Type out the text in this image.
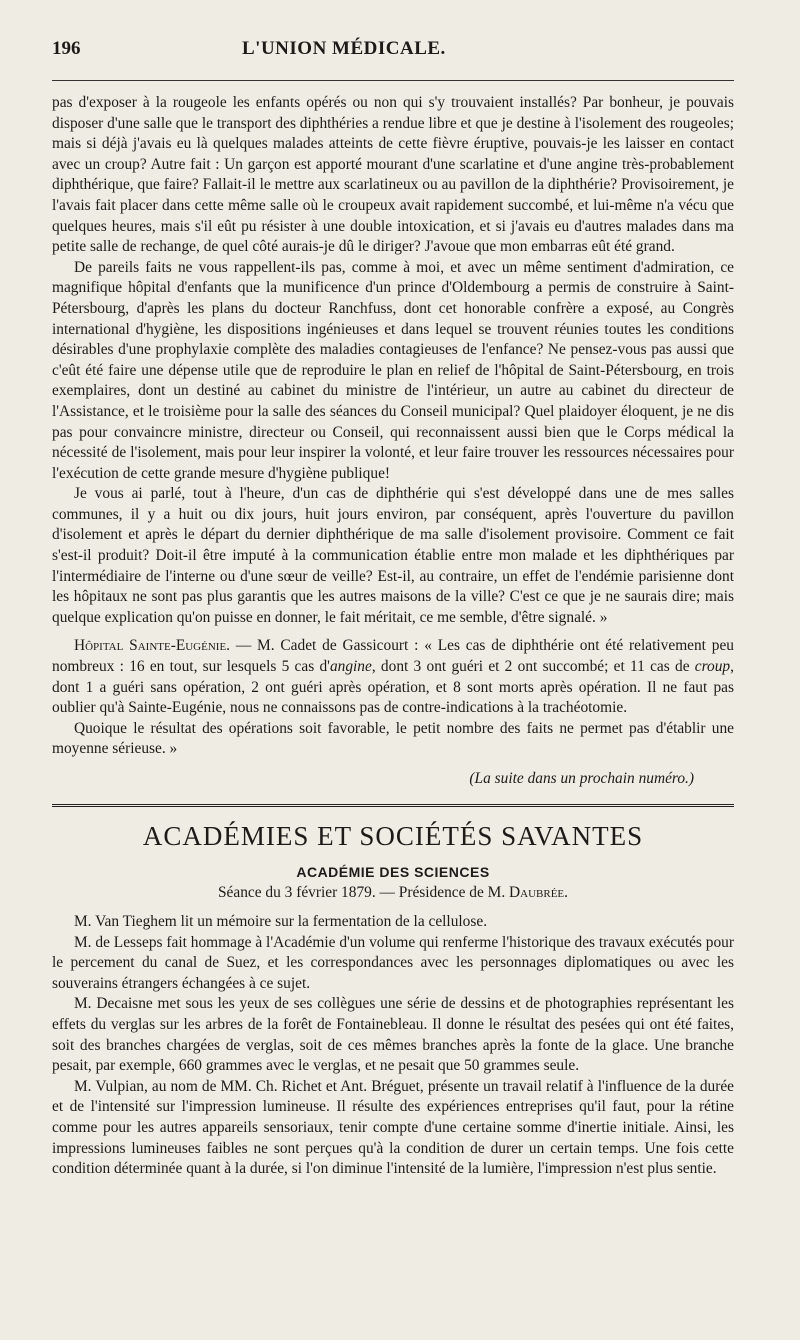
196	L'UNION MÉDICALE.

pas d'exposer à la rougeole les enfants opérés ou non qui s'y trouvaient installés? Par bonheur, je pouvais disposer d'une salle que le transport des diphthéries a rendue libre et que je destine à l'isolement des rougeoles; mais si déjà j'avais eu là quelques malades atteints de cette fièvre éruptive, pouvais-je les laisser en contact avec un croup? Autre fait : Un garçon est apporté mourant d'une scarlatine et d'une angine très-probablement diphthérique, que faire? Fallait-il le mettre aux scarlatineux ou au pavillon de la diphthérie? Provisoirement, je l'avais fait placer dans cette même salle où le croupeux avait rapidement succombé, et lui-même n'a vécu que quelques heures, mais s'il eût pu résister à une double intoxication, et si j'avais eu d'autres malades dans ma petite salle de rechange, de quel côté aurais-je dû le diriger? J'avoue que mon embarras eût été grand.

De pareils faits ne vous rappellent-ils pas, comme à moi, et avec un même sentiment d'admiration, ce magnifique hôpital d'enfants que la munificence d'un prince d'Oldembourg a permis de construire à Saint-Pétersbourg, d'après les plans du docteur Ranchfuss, dont cet honorable confrère a exposé, au Congrès international d'hygiène, les dispositions ingénieuses et dans lequel se trouvent réunies toutes les conditions désirables d'une prophylaxie complète des maladies contagieuses de l'enfance? Ne pensez-vous pas aussi que c'eût été faire une dépense utile que de reproduire le plan en relief de l'hôpital de Saint-Pétersbourg, en trois exemplaires, dont un destiné au cabinet du ministre de l'intérieur, un autre au cabinet du directeur de l'Assistance, et le troisième pour la salle des séances du Conseil municipal? Quel plaidoyer éloquent, je ne dis pas pour convaincre ministre, directeur ou Conseil, qui reconnaissent aussi bien que le Corps médical la nécessité de l'isolement, mais pour leur inspirer la volonté, et leur faire trouver les ressources nécessaires pour l'exécution de cette grande mesure d'hygiène publique!

Je vous ai parlé, tout à l'heure, d'un cas de diphthérie qui s'est développé dans une de mes salles communes, il y a huit ou dix jours, huit jours environ, par conséquent, après l'ouverture du pavillon d'isolement et après le départ du dernier diphthérique de ma salle d'isolement provisoire. Comment ce fait s'est-il produit? Doit-il être imputé à la communication établie entre mon malade et les diphthériques par l'intermédiaire de l'interne ou d'une sœur de veille? Est-il, au contraire, un effet de l'endémie parisienne dont les hôpitaux ne sont pas plus garantis que les autres maisons de la ville? C'est ce que je ne saurais dire; mais quelque explication qu'on puisse en donner, le fait méritait, ce me semble, d'être signalé. »

Hôpital Sainte-Eugénie. — M. Cadet de Gassicourt : « Les cas de diphthérie ont été relativement peu nombreux : 16 en tout, sur lesquels 5 cas d'angine, dont 3 ont guéri et 2 ont succombé; et 11 cas de croup, dont 1 a guéri sans opération, 2 ont guéri après opération, et 8 sont morts après opération. Il ne faut pas oublier qu'à Sainte-Eugénie, nous ne connaissons pas de contre-indications à la trachéotomie.

Quoique le résultat des opérations soit favorable, le petit nombre des faits ne permet pas d'établir une moyenne sérieuse. »

(La suite dans un prochain numéro.)
ACADÉMIES ET SOCIÉTÉS SAVANTES
ACADÉMIE DES SCIENCES
Séance du 3 février 1879. — Présidence de M. Daubrée.

M. Van Tieghem lit un mémoire sur la fermentation de la cellulose.

M. de Lesseps fait hommage à l'Académie d'un volume qui renferme l'historique des travaux exécutés pour le percement du canal de Suez, et les correspondances avec les personnages diplomatiques ou avec les souverains étrangers échangées à ce sujet.

M. Decaisne met sous les yeux de ses collègues une série de dessins et de photographies représentant les effets du verglas sur les arbres de la forêt de Fontainebleau. Il donne le résultat des pesées qui ont été faites, soit des branches chargées de verglas, soit de ces mêmes branches après la fonte de la glace. Une branche pesait, par exemple, 660 grammes avec le verglas, et ne pesait que 50 grammes seule.

M. Vulpian, au nom de MM. Ch. Richet et Ant. Bréguet, présente un travail relatif à l'influence de la durée et de l'intensité sur l'impression lumineuse. Il résulte des expériences entreprises qu'il faut, pour la rétine comme pour les autres appareils sensoriaux, tenir compte d'une certaine somme d'inertie initiale. Ainsi, les impressions lumineuses faibles ne sont perçues qu'à la condition de durer un certain temps. Une fois cette condition déterminée quant à la durée, si l'on diminue l'intensité de la lumière, l'impression n'est plus sentie.
